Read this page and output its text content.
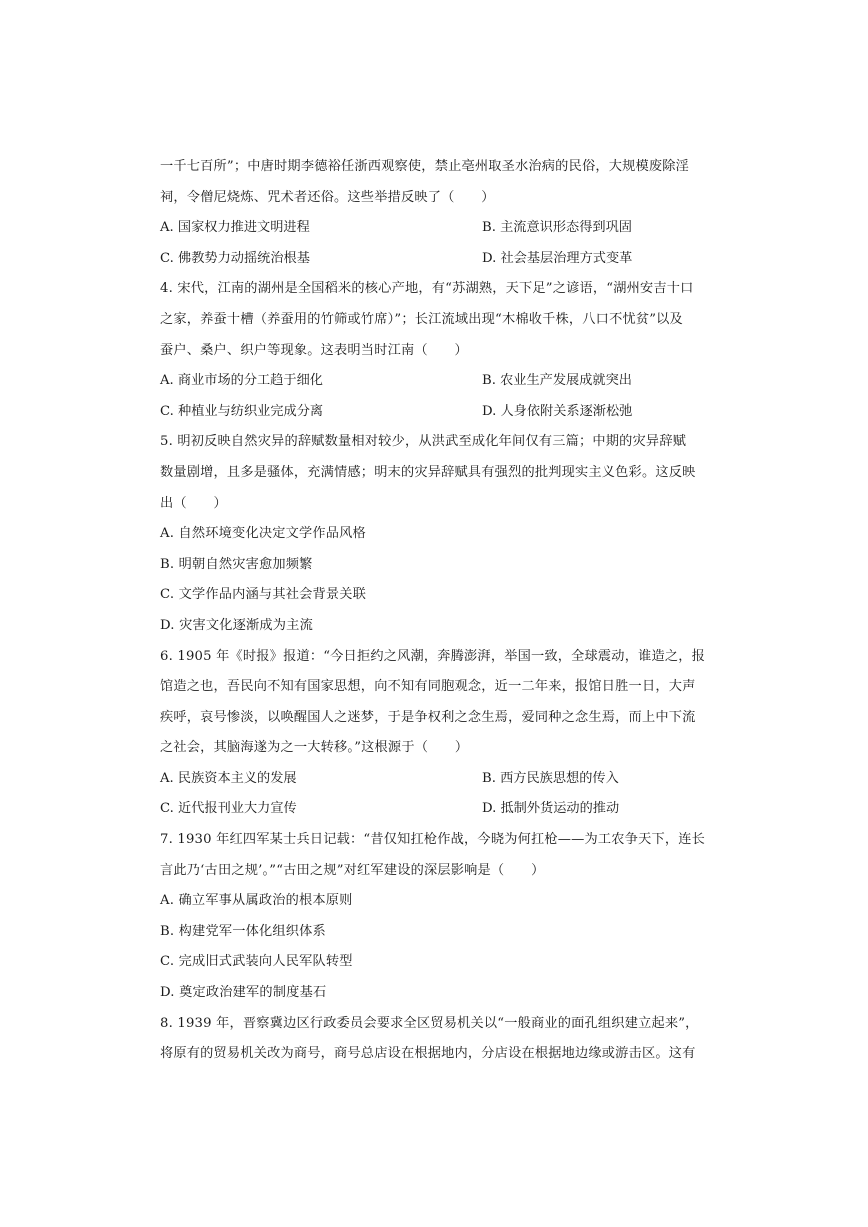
一千七百所”；中唐时期李德裕任浙西观察使，禁止亳州取圣水治病的民俗，大规模废除淫
祠，令僧尼烧炼、咒术者还俗。这些举措反映了（　　）
A. 国家权力推进文明进程	B. 主流意识形态得到巩固
C. 佛教势力动摇统治根基	D. 社会基层治理方式变革
4. 宋代，江南的湖州是全国稻米的核心产地，有“苏湖熟，天下足”之谚语，“湖州安吉十口
之家，养蚕十槽（养蚕用的竹筛或竹席）”；长江流域出现“木棉收千株，八口不忧贫”以及
蚕户、桑户、织户等现象。这表明当时江南（　　）
A. 商业市场的分工趋于细化	B. 农业生产发展成就突出
C. 种植业与纺织业完成分离	D. 人身依附关系逐渐松弛
5. 明初反映自然灾异的辞赋数量相对较少，从洪武至成化年间仅有三篇；中期的灾异辞赋
数量剧增，且多是骚体，充满情感；明末的灾异辞赋具有强烈的批判现实主义色彩。这反映
出（　　）
A. 自然环境变化决定文学作品风格
B. 明朝自然灾害愈加频繁
C. 文学作品内涵与其社会背景关联
D. 灾害文化逐渐成为主流
6. 1905 年《时报》报道：“今日拒约之风潮，奔腾澎湃，举国一致，全球震动，谁造之，报
馆造之也，吾民向不知有国家思想，向不知有同胞观念，近一二年来，报馆日胜一日，大声
疾呼，哀号惨淡，以唤醒国人之迷梦，于是争权利之念生焉，爱同种之念生焉，而上中下流
之社会，其脑海遂为之一大转移。”这根源于（　　）
A. 民族资本主义的发展	B. 西方民族思想的传入
C. 近代报刊业大力宣传	D. 抵制外货运动的推动
7. 1930 年红四军某士兵日记载：“昔仅知扛枪作战，今晓为何扛枪——为工农争天下，连长
言此乃‘古田之规’。”“古田之规”对红军建设的深层影响是（　　）
A. 确立军事从属政治的根本原则
B. 构建党军一体化组织体系
C. 完成旧式武装向人民军队转型
D. 奠定政治建军的制度基石
8. 1939 年，晋察冀边区行政委员会要求全区贸易机关以“一般商业的面孔组织建立起来”，
将原有的贸易机关改为商号，商号总店设在根据地内，分店设在根据地边缘或游击区。这有
